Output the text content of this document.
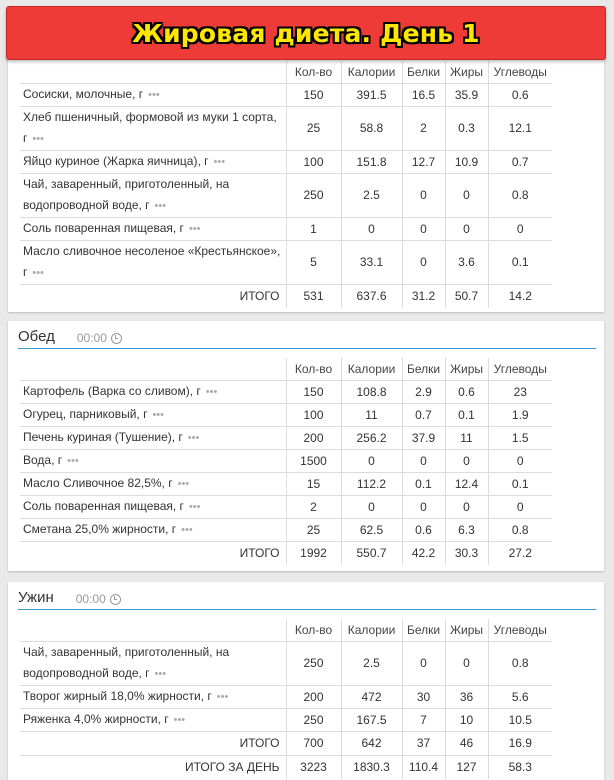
Жировая диета. День 1
	Кол-во	Калории	Белки	Жиры	Углеводы
Сосиски, молочные, г •••	150	391.5	16.5	35.9	0.6
Хлеб пшеничный, формовой из муки 1 сорта, г •••	25	58.8	2	0.3	12.1
Яйцо куриное (Жарка яичница), г •••	100	151.8	12.7	10.9	0.7
Чай, заваренный, приготоленный, на водопроводной воде, г •••	250	2.5	0	0	0.8
Соль поваренная пищевая, г •••	1	0	0	0	0
Масло сливочное несоленое «Крестьянское», г •••	5	33.1	0	3.6	0.1
ИТОГО	531	637.6	31.2	50.7	14.2
Обед 00:00
	Кол-во	Калории	Белки	Жиры	Углеводы
Картофель (Варка со сливом), г •••	150	108.8	2.9	0.6	23
Огурец, парниковый, г •••	100	11	0.7	0.1	1.9
Печень куриная (Тушение), г •••	200	256.2	37.9	11	1.5
Вода, г •••	1500	0	0	0	0
Масло Сливочное 82,5%, г •••	15	112.2	0.1	12.4	0.1
Соль поваренная пищевая, г •••	2	0	0	0	0
Сметана 25,0% жирности, г •••	25	62.5	0.6	6.3	0.8
ИТОГО	1992	550.7	42.2	30.3	27.2
Ужин 00:00
	Кол-во	Калории	Белки	Жиры	Углеводы
Чай, заваренный, приготоленный, на водопроводной воде, г •••	250	2.5	0	0	0.8
Творог жирный 18,0% жирности, г •••	200	472	30	36	5.6
Ряженка 4,0% жирности, г •••	250	167.5	7	10	10.5
ИТОГО	700	642	37	46	16.9
ИТОГО ЗА ДЕНЬ	3223	1830.3	110.4	127	58.3
